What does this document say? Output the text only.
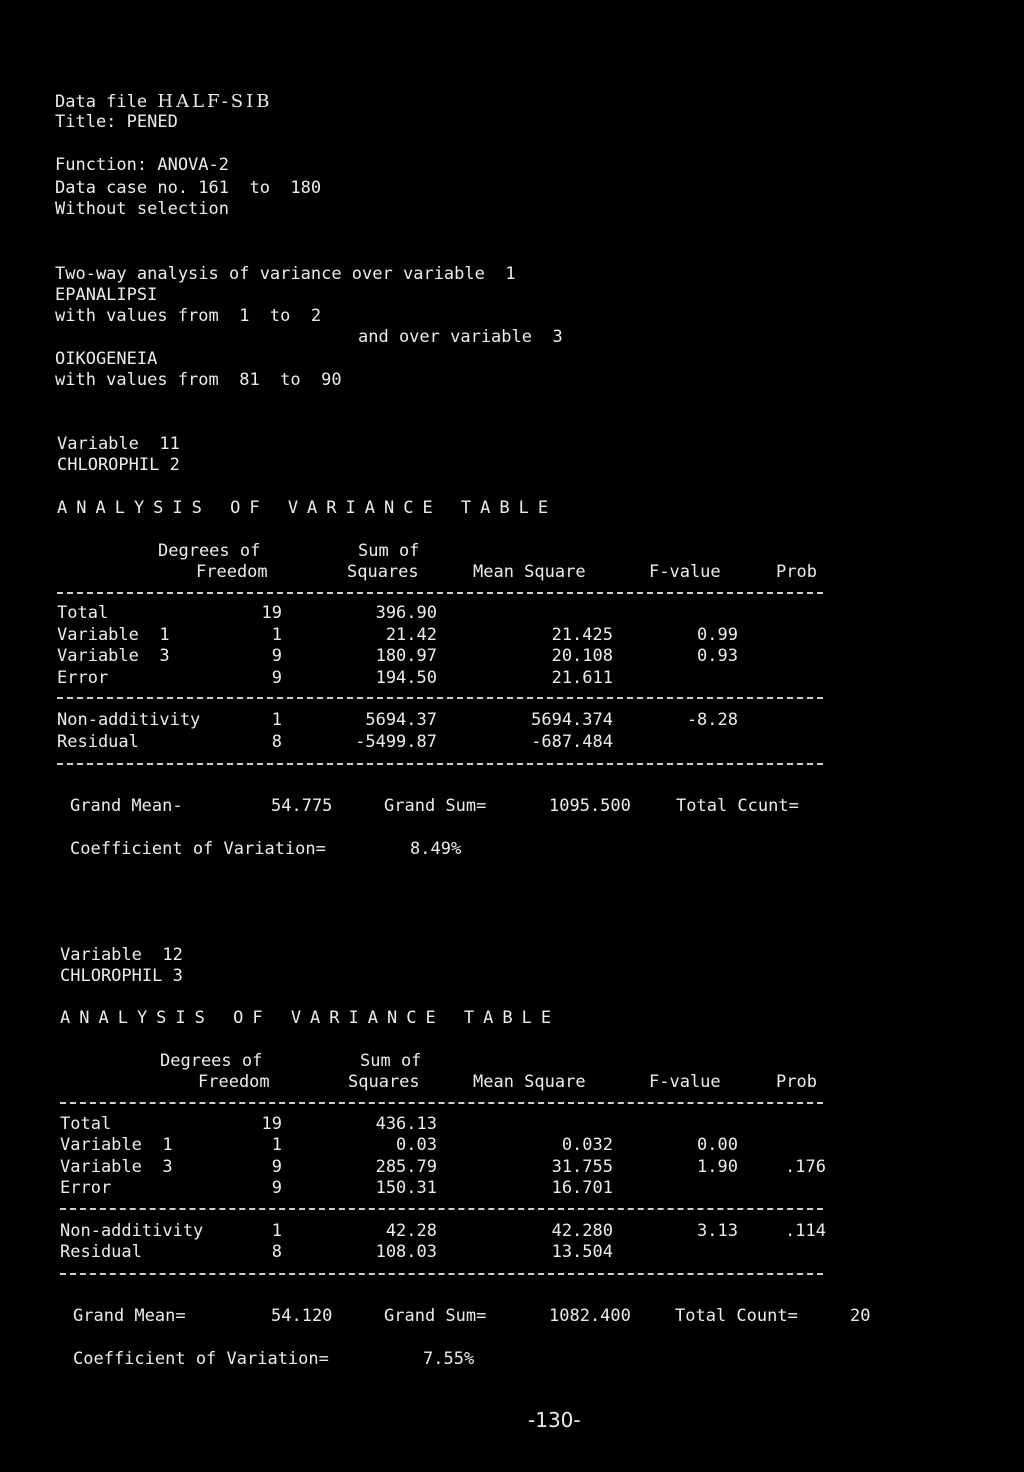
Data file HALF-SIB
Title: PENED
Function: ANOVA-2
Data case no. 161  to  180
Without selection
Two-way analysis of variance over variable  1
EPANALIPSI
with values from  1  to  2
and over variable  3
OIKOGENEIA
with values from  81  to  90
Variable  11
CHLOROPHIL 2
ANALYSIS OF VARIANCE TABLE
Degrees of	Sum of
Freedom	Squares	Mean Square	F-value	Prob
Total	19	396.90
Variable  1	1	21.42	21.425	0.99
Variable  3	9	180.97	20.108	0.93
Error	9	194.50	21.611
Non-additivity	1	5694.37	5694.374	-8.28
Residual	8	-5499.87	-687.484
Grand Mean-	54.775	Grand Sum=	1095.500	Total Ccunt=
Coefficient of Variation=	8.49%
Variable  12
CHLOROPHIL 3
ANALYSIS OF VARIANCE TABLE
Degrees of	Sum of
Freedom	Squares	Mean Square	F-value	Prob
Total	19	436.13
Variable  1	1	0.03	0.032	0.00
Variable  3	9	285.79	31.755	1.90	.176
Error	9	150.31	16.701
Non-additivity	1	42.28	42.280	3.13	.114
Residual	8	108.03	13.504
Grand Mean=	54.120	Grand Sum=	1082.400	Total Count=	20
Coefficient of Variation=	7.55%
-130-
